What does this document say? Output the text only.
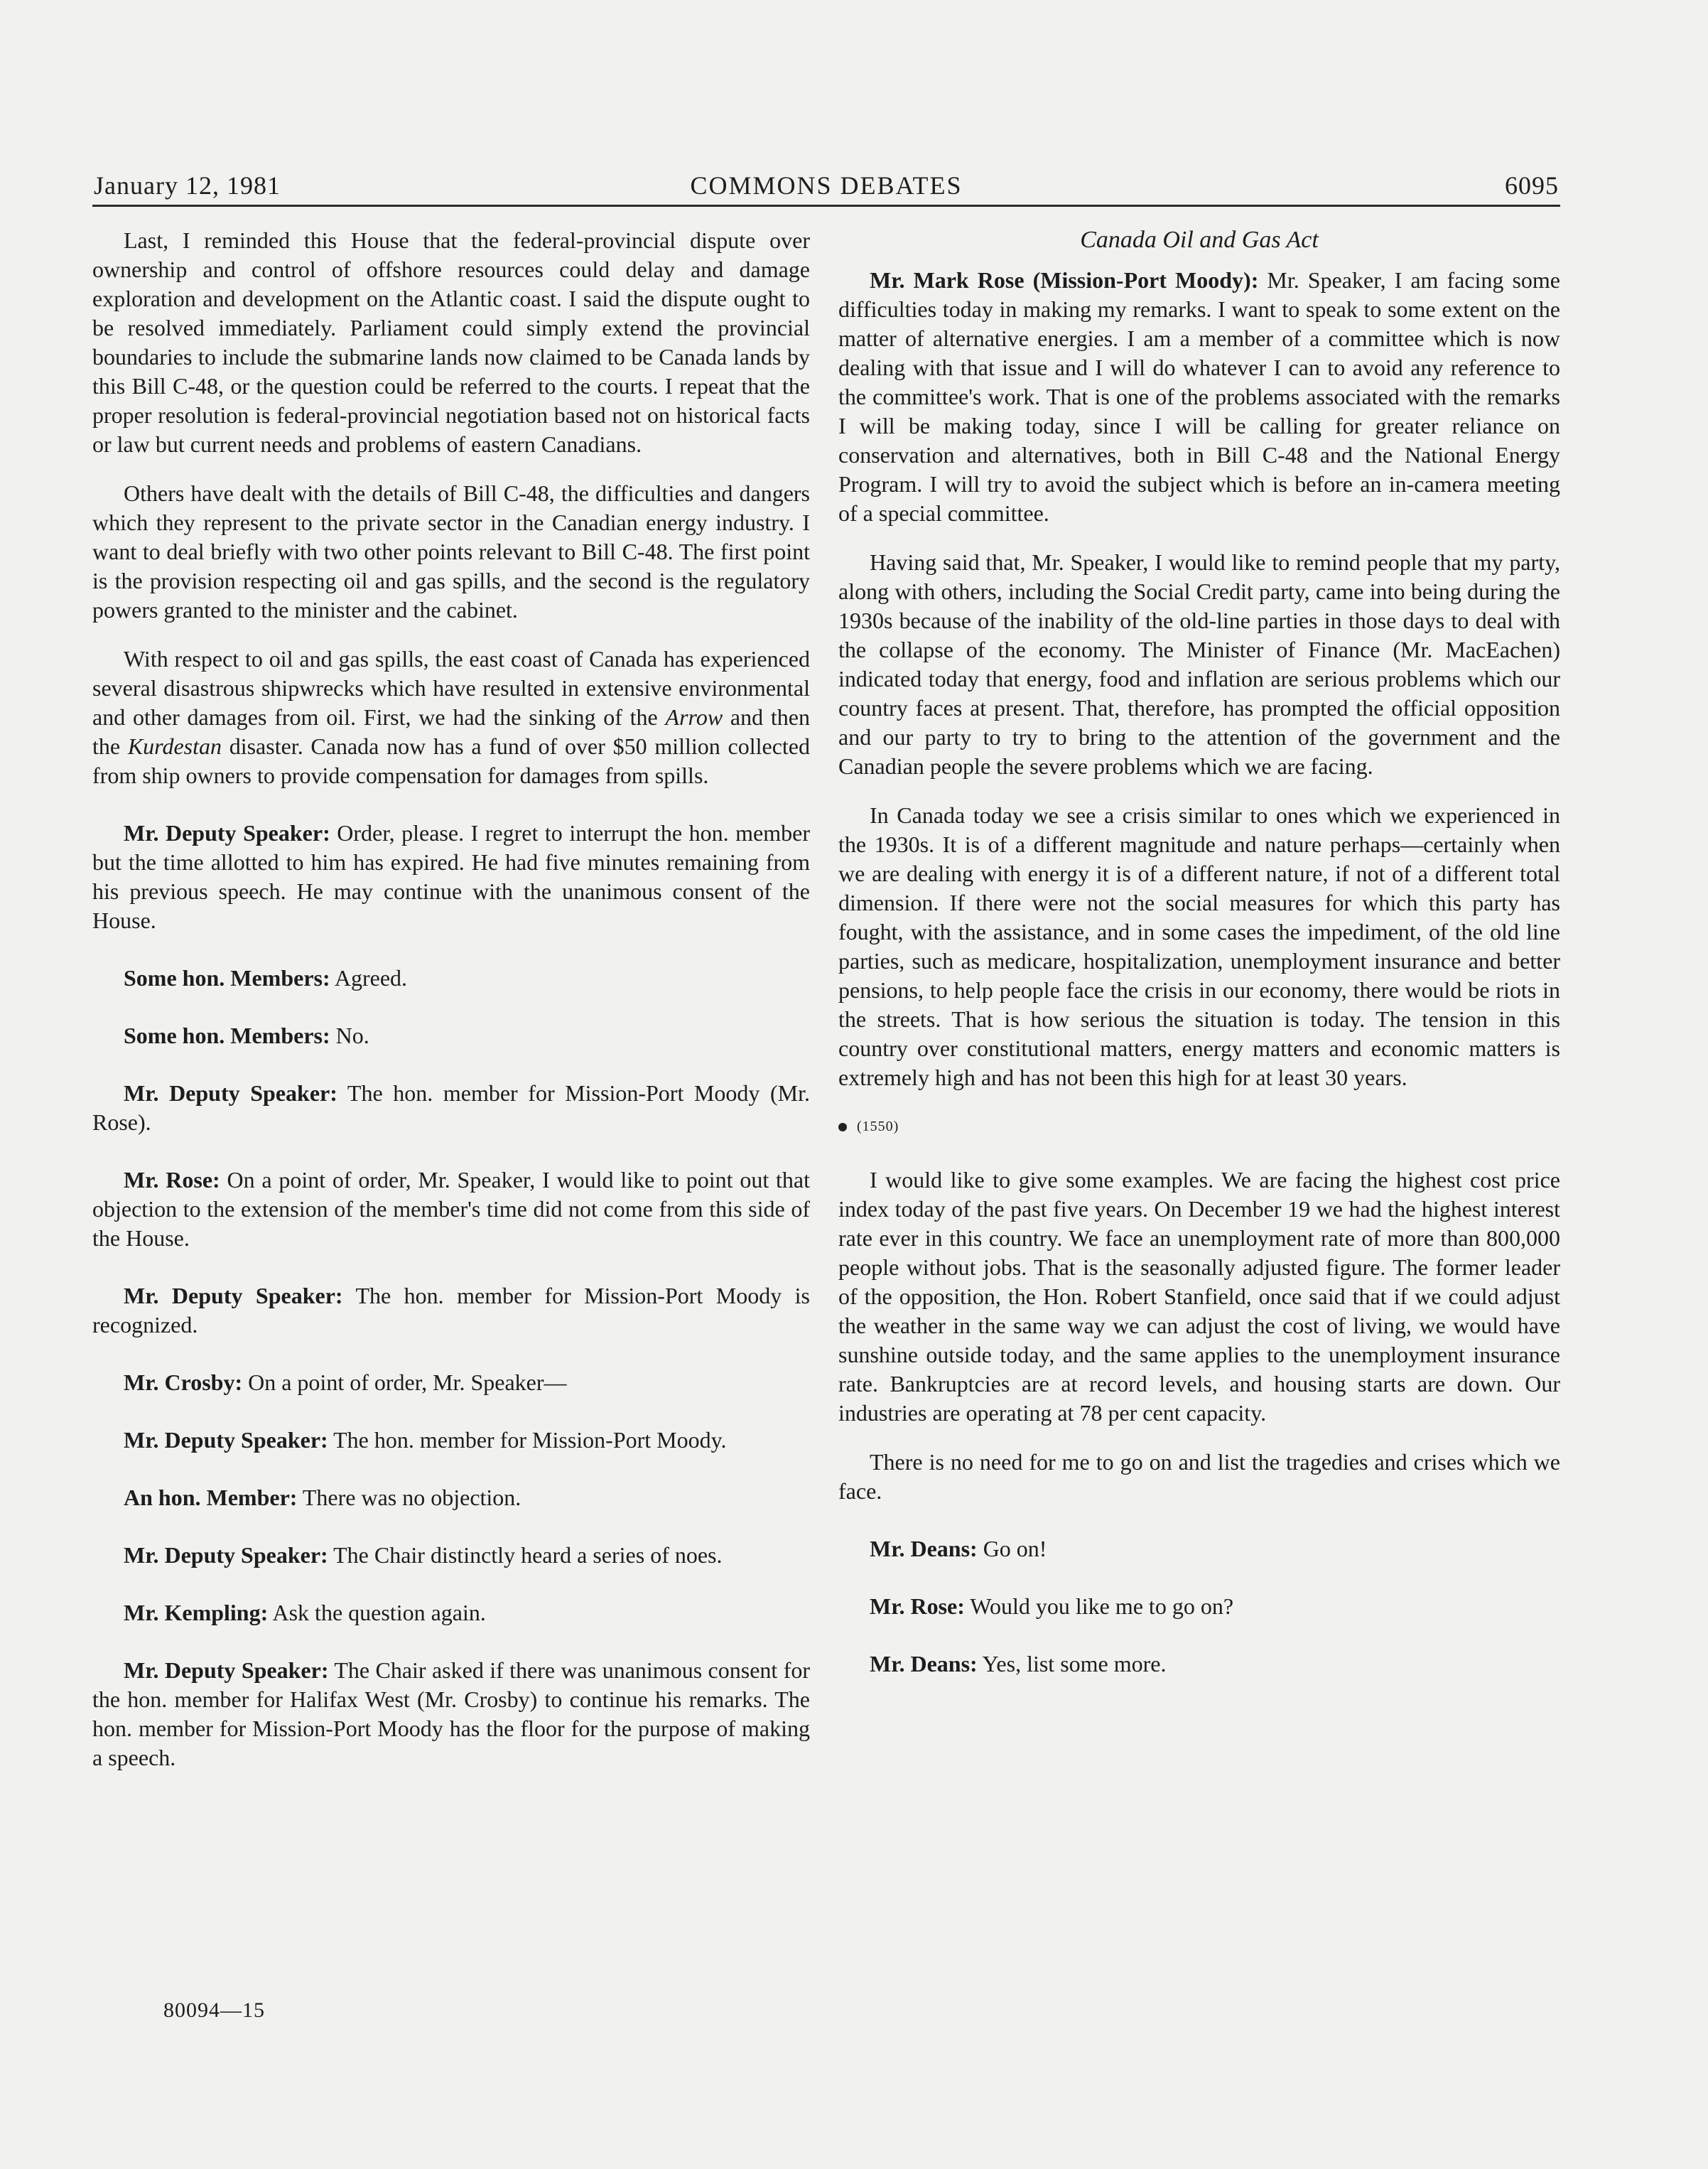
January 12, 1981	COMMONS DEBATES	6095

Last, I reminded this House that the federal-provincial dispute over ownership and control of offshore resources could delay and damage exploration and development on the Atlantic coast. I said the dispute ought to be resolved immediately. Parliament could simply extend the provincial boundaries to include the submarine lands now claimed to be Canada lands by this Bill C-48, or the question could be referred to the courts. I repeat that the proper resolution is federal-provincial negotiation based not on historical facts or law but current needs and problems of eastern Canadians.

Others have dealt with the details of Bill C-48, the difficulties and dangers which they represent to the private sector in the Canadian energy industry. I want to deal briefly with two other points relevant to Bill C-48. The first point is the provision respecting oil and gas spills, and the second is the regulatory powers granted to the minister and the cabinet.

With respect to oil and gas spills, the east coast of Canada has experienced several disastrous shipwrecks which have resulted in extensive environmental and other damages from oil. First, we had the sinking of the Arrow and then the Kurdestan disaster. Canada now has a fund of over $50 million collected from ship owners to provide compensation for damages from spills.

Mr. Deputy Speaker: Order, please. I regret to interrupt the hon. member but the time allotted to him has expired. He had five minutes remaining from his previous speech. He may continue with the unanimous consent of the House.

Some hon. Members: Agreed.

Some hon. Members: No.

Mr. Deputy Speaker: The hon. member for Mission-Port Moody (Mr. Rose).

Mr. Rose: On a point of order, Mr. Speaker, I would like to point out that objection to the extension of the member's time did not come from this side of the House.

Mr. Deputy Speaker: The hon. member for Mission-Port Moody is recognized.

Mr. Crosby: On a point of order, Mr. Speaker—

Mr. Deputy Speaker: The hon. member for Mission-Port Moody.

An hon. Member: There was no objection.

Mr. Deputy Speaker: The Chair distinctly heard a series of noes.

Mr. Kempling: Ask the question again.

Mr. Deputy Speaker: The Chair asked if there was unanimous consent for the hon. member for Halifax West (Mr. Crosby) to continue his remarks. The hon. member for Mission-Port Moody has the floor for the purpose of making a speech.

Canada Oil and Gas Act

Mr. Mark Rose (Mission-Port Moody): Mr. Speaker, I am facing some difficulties today in making my remarks. I want to speak to some extent on the matter of alternative energies. I am a member of a committee which is now dealing with that issue and I will do whatever I can to avoid any reference to the committee's work. That is one of the problems associated with the remarks I will be making today, since I will be calling for greater reliance on conservation and alternatives, both in Bill C-48 and the National Energy Program. I will try to avoid the subject which is before an in-camera meeting of a special committee.

Having said that, Mr. Speaker, I would like to remind people that my party, along with others, including the Social Credit party, came into being during the 1930s because of the inability of the old-line parties in those days to deal with the collapse of the economy. The Minister of Finance (Mr. MacEachen) indicated today that energy, food and inflation are serious problems which our country faces at present. That, therefore, has prompted the official opposition and our party to try to bring to the attention of the government and the Canadian people the severe problems which we are facing.

In Canada today we see a crisis similar to ones which we experienced in the 1930s. It is of a different magnitude and nature perhaps—certainly when we are dealing with energy it is of a different nature, if not of a different total dimension. If there were not the social measures for which this party has fought, with the assistance, and in some cases the impediment, of the old line parties, such as medicare, hospitalization, unemployment insurance and better pensions, to help people face the crisis in our economy, there would be riots in the streets. That is how serious the situation is today. The tension in this country over constitutional matters, energy matters and economic matters is extremely high and has not been this high for at least 30 years.

(1550)

I would like to give some examples. We are facing the highest cost price index today of the past five years. On December 19 we had the highest interest rate ever in this country. We face an unemployment rate of more than 800,000 people without jobs. That is the seasonally adjusted figure. The former leader of the opposition, the Hon. Robert Stanfield, once said that if we could adjust the weather in the same way we can adjust the cost of living, we would have sunshine outside today, and the same applies to the unemployment insurance rate. Bankruptcies are at record levels, and housing starts are down. Our industries are operating at 78 per cent capacity.

There is no need for me to go on and list the tragedies and crises which we face.

Mr. Deans: Go on!

Mr. Rose: Would you like me to go on?

Mr. Deans: Yes, list some more.

80094—15
